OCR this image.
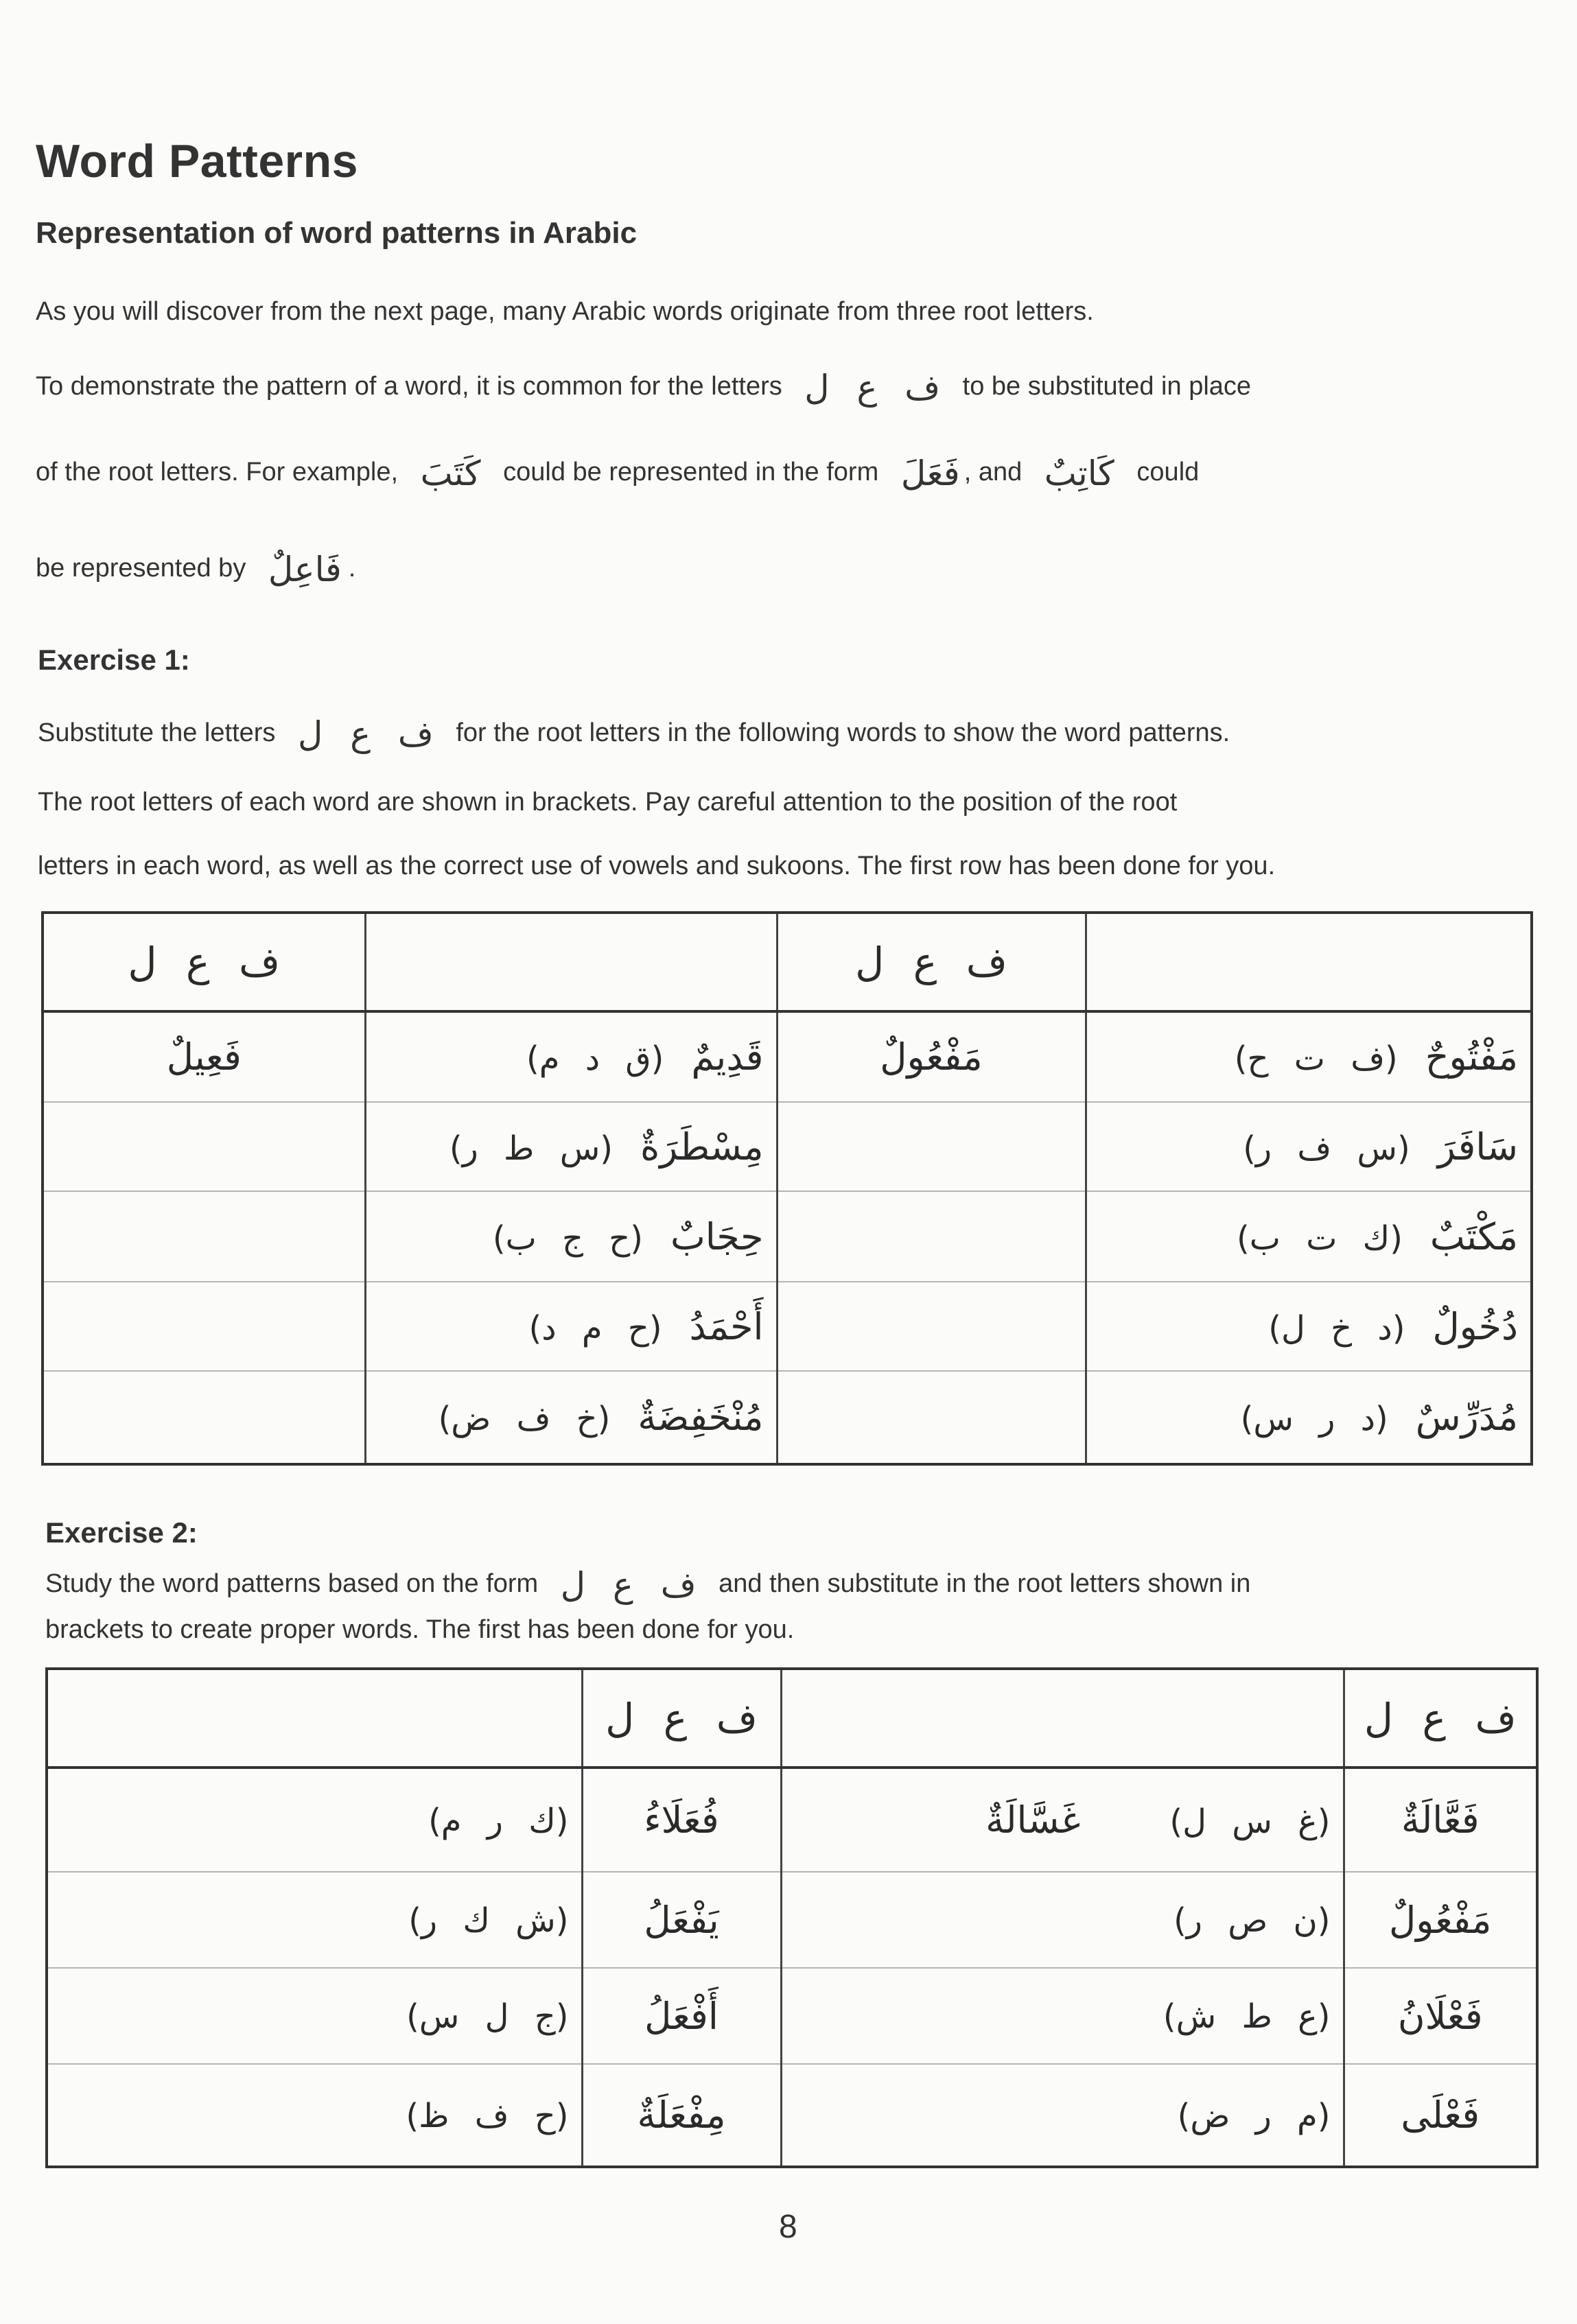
Word Patterns
Representation of word patterns in Arabic
As you will discover from the next page, many Arabic words originate from three root letters.
To demonstrate the pattern of a word, it is common for the letters ف ع ل to be substituted in place
of the root letters. For example, كَتَبَ could be represented in the form فَعَلَ , and كَاتِبٌ could
be represented by فَاعِلٌ .
Exercise 1:
Substitute the letters ف ع ل for the root letters in the following words to show the word patterns.
The root letters of each word are shown in brackets. Pay careful attention to the position of the root
letters in each word, as well as the correct use of vowels and sukoons. The first row has been done for you.
ف ع ل		ف ع ل	
فَعِيلٌ	قَدِيمٌ(ق د م)	مَفْعُولٌ	مَفْتُوحٌ(ف ت ح)
	مِسْطَرَةٌ(س ط ر)		سَافَرَ(س ف ر)
	حِجَابٌ(ح ج ب)		مَكْتَبٌ(ك ت ب)
	أَحْمَدُ(ح م د)		دُخُولٌ(د خ ل)
	مُنْخَفِضَةٌ(خ ف ض)		مُدَرِّسٌ(د ر س)
Exercise 2:
Study the word patterns based on the form ف ع ل and then substitute in the root letters shown in
brackets to create proper words. The first has been done for you.
	ف ع ل		ف ع ل
(ك ر م)	فُعَلَاءُ	(غ س ل)غَسَّالَةٌ	فَعَّالَةٌ
(ش ك ر)	يَفْعَلُ	(ن ص ر)	مَفْعُولٌ
(ج ل س)	أَفْعَلُ	(ع ط ش)	فَعْلَانُ
(ح ف ظ)	مِفْعَلَةٌ	(م ر ض)	فَعْلَى
8
